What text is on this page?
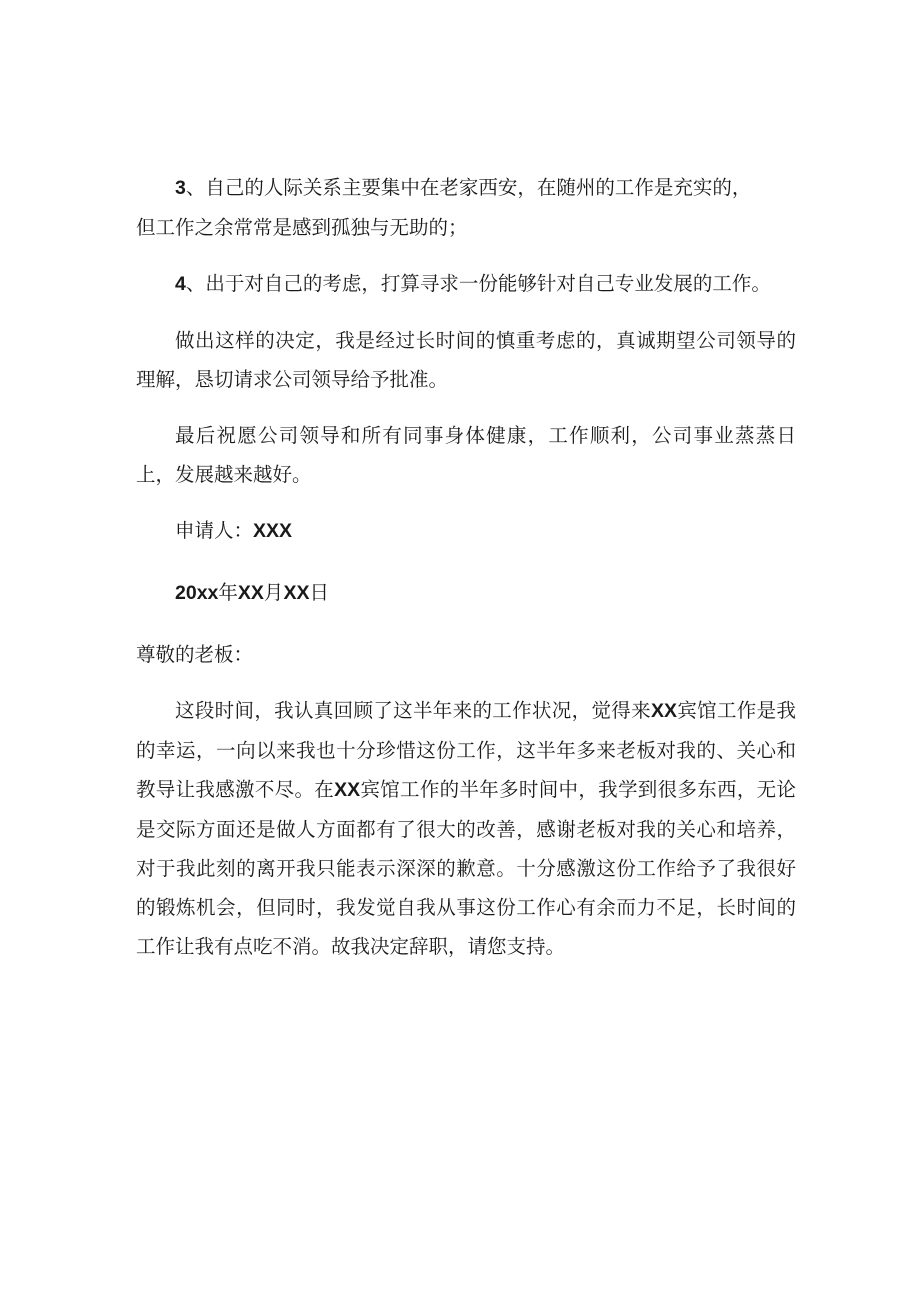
3、自己的人际关系主要集中在老家西安，在随州的工作是充实的，

但工作之余常常是感到孤独与无助的；

4、出于对自己的考虑，打算寻求一份能够针对自己专业发展的工作。

做出这样的决定，我是经过长时间的慎重考虑的，真诚期望公司领导的理解，恳切请求公司领导给予批准。

最后祝愿公司领导和所有同事身体健康，工作顺利，公司事业蒸蒸日上，发展越来越好。

申请人：XXX

20xx年XX月XX日

尊敬的老板：

这段时间，我认真回顾了这半年来的工作状况，觉得来XX宾馆工作是我的幸运，一向以来我也十分珍惜这份工作，这半年多来老板对我的、关心和教导让我感激不尽。在XX宾馆工作的半年多时间中，我学到很多东西，无论是交际方面还是做人方面都有了很大的改善，感谢老板对我的关心和培养，对于我此刻的离开我只能表示深深的歉意。十分感激这份工作给予了我很好的锻炼机会，但同时，我发觉自我从事这份工作心有余而力不足，长时间的工作让我有点吃不消。故我决定辞职，请您支持。
